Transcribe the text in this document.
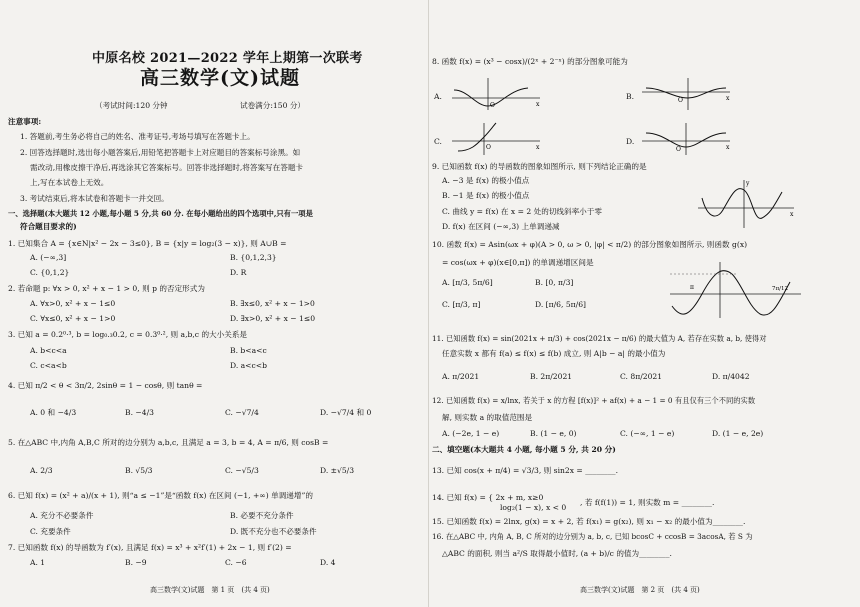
中原名校 2021—2022 学年上期第一次联考
高三数学(文)试题
（考试时间:120 分钟	试卷满分:150 分）
注意事项:
1. 答题前,考生务必将自己的姓名、准考证号,考场号填写在答题卡上。
2. 回答选择题时,选出每小题答案后,用铅笔把答题卡上对应题目的答案标号涂黑。如
需改动,用橡皮擦干净后,再选涂其它答案标号。回答非选择题时,将答案写在答题卡
上,写在本试卷上无效。
3. 考试结束后,将本试卷和答题卡一并交回。
一、选择题(本大题共 12 小题,每小题 5 分,共 60 分. 在每小题给出的四个选项中,只有一项是
符合题目要求的)
1. 已知集合 A = {x∈N|x² − 2x − 3≤0}, B = {x|y = log₂(3 − x)}, 则 A∪B =
A. (−∞,3]	B. {0,1,2,3}
C. {0,1,2}	D. R
2. 若命题 p: ∀x > 0, x² + x − 1 > 0, 则 p 的否定形式为
A. ∀x>0, x² + x − 1≤0	B. ∃x≤0, x² + x − 1>0
C. ∀x≤0, x² + x − 1>0	D. ∃x>0, x² + x − 1≤0
3. 已知 a = 0.2⁰·³, b = log₀.₃0.2, c = 0.3⁰·², 则 a,b,c 的大小关系是
A. b<c<a	B. b<a<c
C. c<a<b	D. a<c<b
4. 已知 π/2 < θ < 3π/2, 2sinθ = 1 − cosθ, 则 tanθ =
A. 0 和 −4/3	B. −4/3	C. −√7/4	D. −√7/4 和 0
5. 在△ABC 中,内角 A,B,C 所对的边分别为 a,b,c, 且满足 a = 3, b = 4, A = π/6, 则 cosB =
A. 2/3	B. √5/3	C. −√5/3	D. ±√5/3
6. 已知 f(x) = (x² + a)/(x + 1), 则“a ≤ −1”是“函数 f(x) 在区间 (−1, +∞) 单调递增”的
A. 充分不必要条件	B. 必要不充分条件
C. 充要条件	D. 既不充分也不必要条件
7. 已知函数 f(x) 的导函数为 f′(x), 且满足 f(x) = x³ + x²f′(1) + 2x − 1, 则 f′(2) =
A. 1	B. −9	C. −6	D. 4
高三数学(文)试题　第 1 页　(共 4 页)
8. 函数 f(x) = (x³ − cosx)/(2ˣ + 2⁻ˣ) 的部分图象可能为
A.
O	x
B.	O	x
C.
O	x
D.
O	x
9. 已知函数 f(x) 的导函数的图象如图所示, 则下列结论正确的是
A. −3 是 f(x) 的极小值点
B. −1 是 f(x) 的极小值点
C. 曲线 y = f(x) 在 x = 2 处的切线斜率小于零
D. f(x) 在区间 (−∞,3) 上单调递减
x
y
10. 函数 f(x) = Asin(ωx + φ)(A > 0, ω > 0, |φ| < π/2) 的部分图象如图所示, 则函数 g(x)
= cos(ωx + φ)(x∈[0,π]) 的单调递增区间是
A. [π/3, 5π/6]	B. [0, π/3]
C. [π/3, π]	D. [π/6, 5π/6]
π	7π/12
11. 已知函数 f(x) = sin(2021x + π/3) + cos(2021x − π/6) 的最大值为 A, 若存在实数 a, b, 使得对
任意实数 x 都有 f(a) ≤ f(x) ≤ f(b) 成立, 则 A|b − a| 的最小值为
A. π/2021	B. 2π/2021	C. 8π/2021	D. π/4042
12. 已知函数 f(x) = x/lnx, 若关于 x 的方程 [f(x)]² + af(x) + a − 1 = 0 有且仅有三个不同的实数
解, 则实数 a 的取值范围是
A. (−2e, 1 − e)	B. (1 − e, 0)	C. (−∞, 1 − e)	D. (1 − e, 2e)
二、填空题(本大题共 4 小题, 每小题 5 分, 共 20 分)
13. 已知 cos(x + π/4) = √3/3, 则 sin2x = ________.
14. 已知 f(x) = { 2x + m, x≥0
log₂(1 − x), x < 0
, 若 f(f(1)) = 1, 则实数 m = ________.
15. 已知函数 f(x) = 2lnx, g(x) = x + 2, 若 f(x₁) = g(x₂), 则 x₁ − x₂ 的最小值为________.
16. 在△ABC 中, 内角 A, B, C 所对的边分别为 a, b, c, 已知 bcosC + ccosB = 3acosA, 若 S 为
△ABC 的面积, 则当 a²/S 取得最小值时, (a + b)/c 的值为________.
高三数学(文)试题　第 2 页　(共 4 页)
